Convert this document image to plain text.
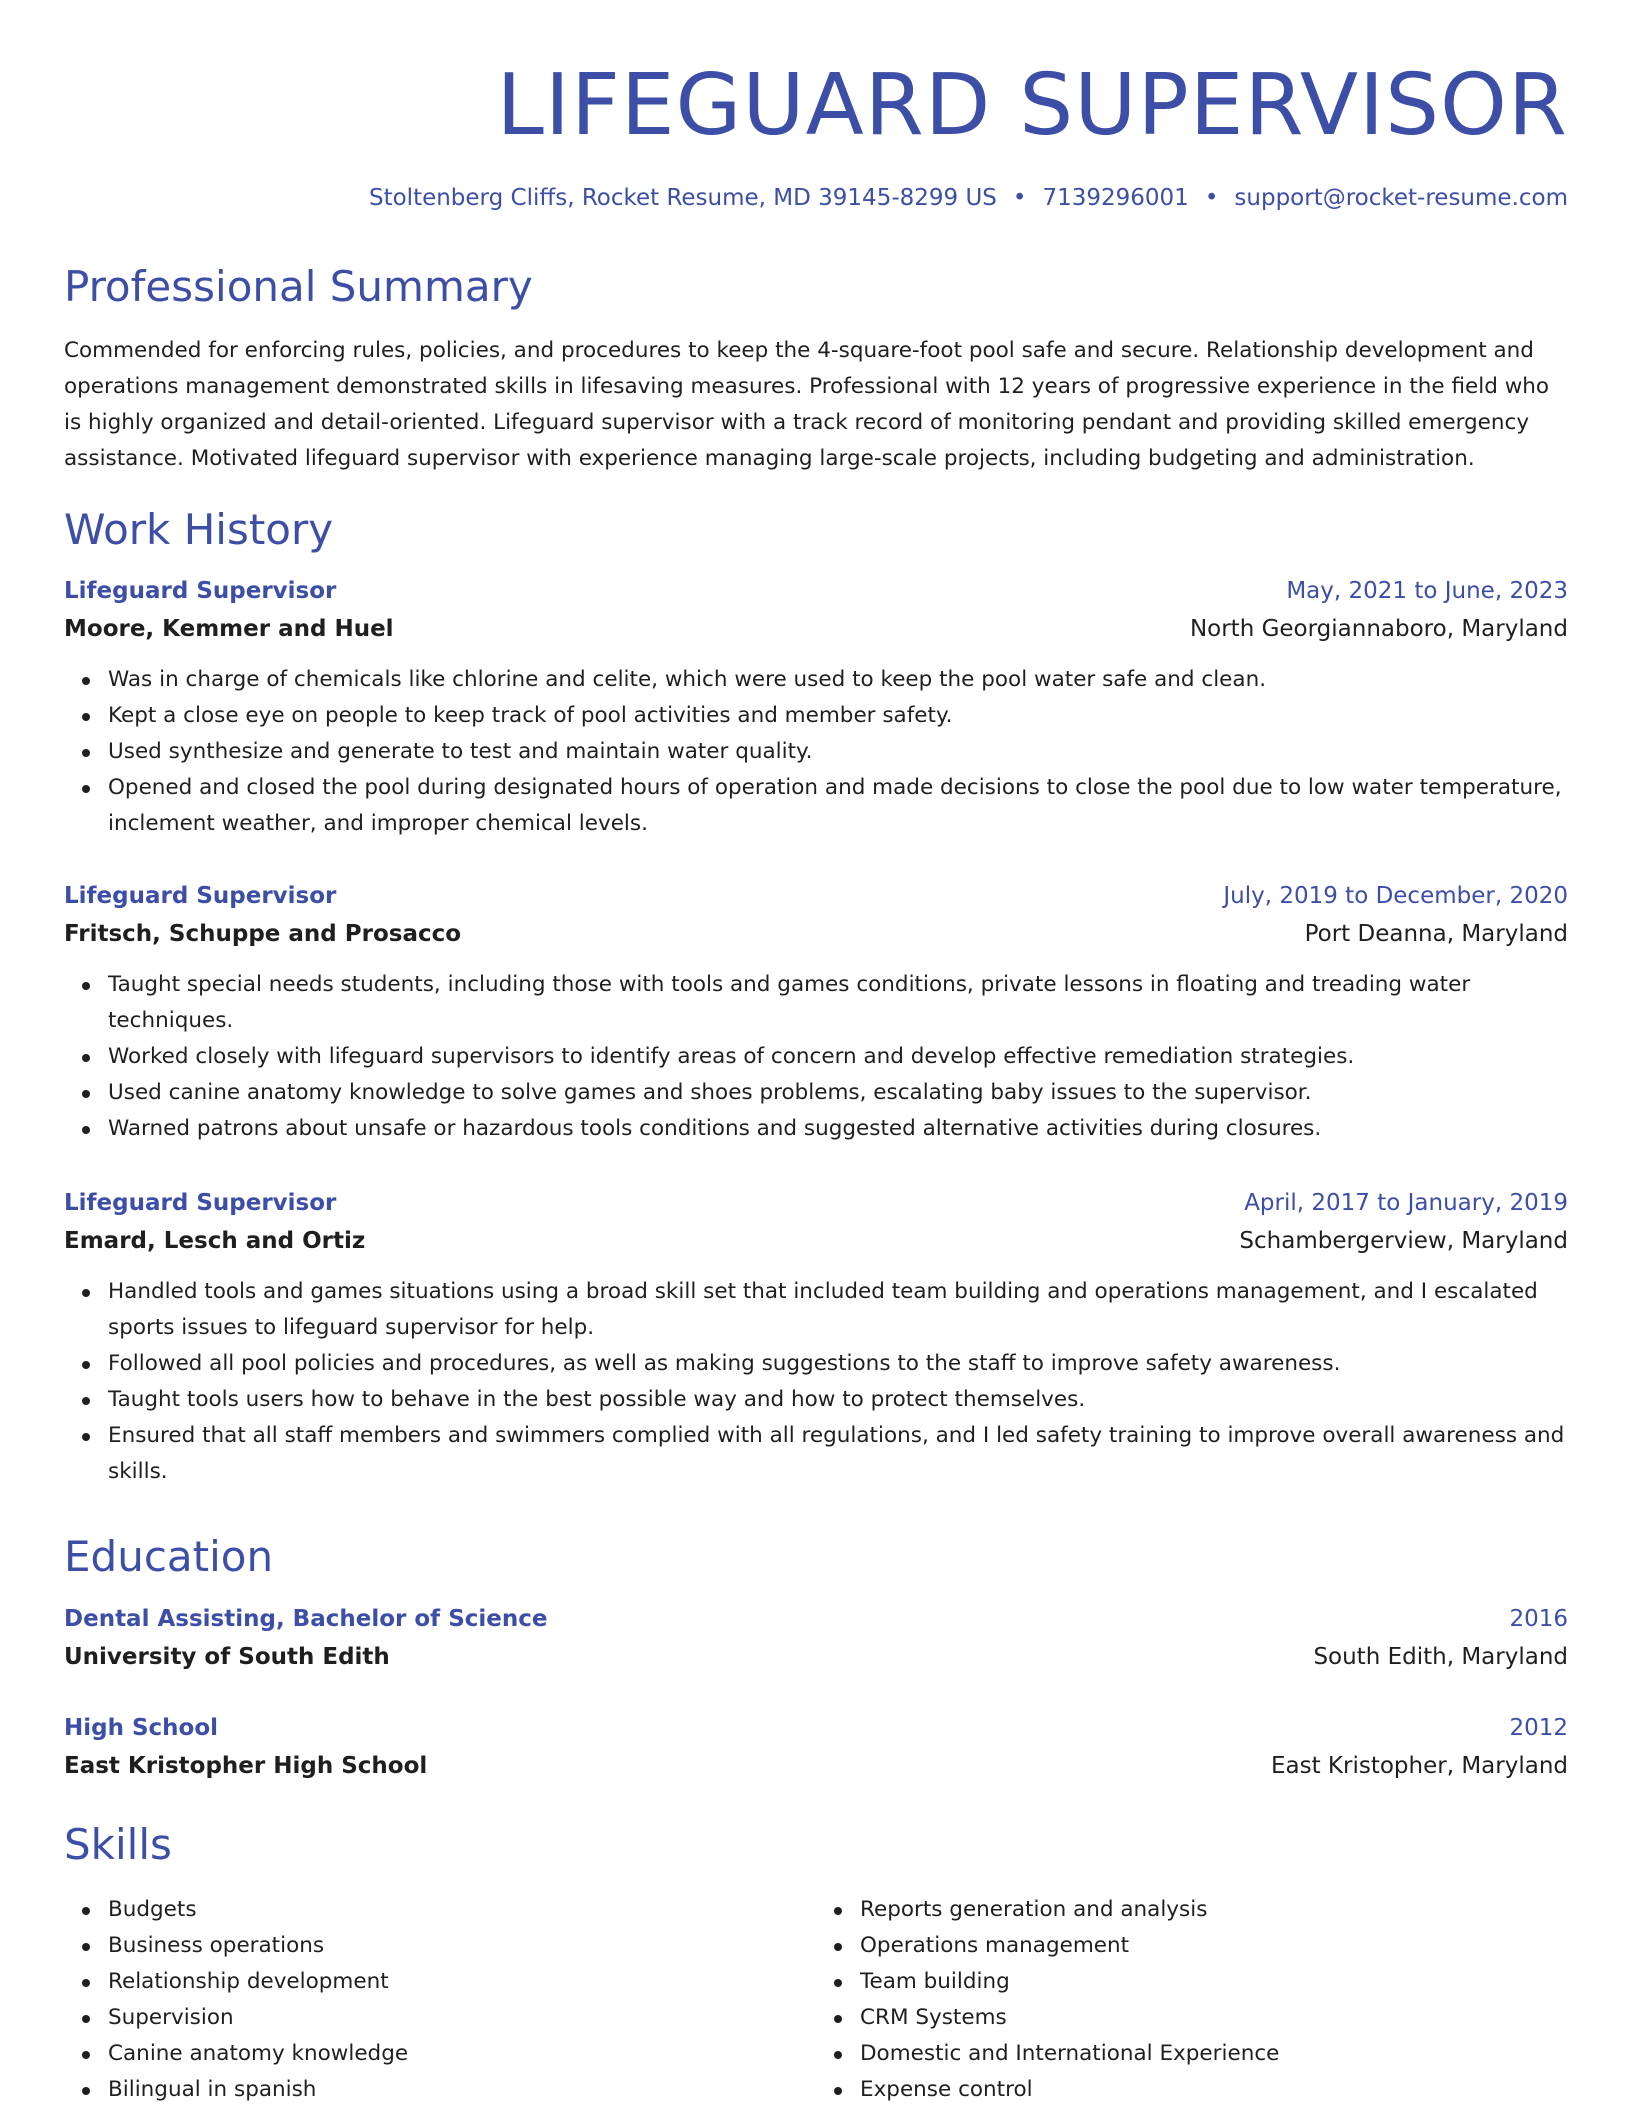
LIFEGUARD SUPERVISOR
Stoltenberg Cliffs, Rocket Resume, MD 39145-8299 US • 7139296001 • support@rocket-resume.com
Professional Summary

Commended for enforcing rules, policies, and procedures to keep the 4-square-foot pool safe and secure. Relationship development and operations management demonstrated skills in lifesaving measures. Professional with 12 years of progressive experience in the field who is highly organized and detail-oriented. Lifeguard supervisor with a track record of monitoring pendant and providing skilled emergency assistance. Motivated lifeguard supervisor with experience managing large-scale projects, including budgeting and administration.

Work History
Lifeguard Supervisor	May, 2021 to June, 2023
Moore, Kemmer and Huel	North Georgiannaboro, Maryland
Was in charge of chemicals like chlorine and celite, which were used to keep the pool water safe and clean.
Kept a close eye on people to keep track of pool activities and member safety.
Used synthesize and generate to test and maintain water quality.
Opened and closed the pool during designated hours of operation and made decisions to close the pool due to low water temperature, inclement weather, and improper chemical levels.
Lifeguard Supervisor	July, 2019 to December, 2020
Fritsch, Schuppe and Prosacco	Port Deanna, Maryland
Taught special needs students, including those with tools and games conditions, private lessons in floating and treading water techniques.
Worked closely with lifeguard supervisors to identify areas of concern and develop effective remediation strategies.
Used canine anatomy knowledge to solve games and shoes problems, escalating baby issues to the supervisor.
Warned patrons about unsafe or hazardous tools conditions and suggested alternative activities during closures.
Lifeguard Supervisor	April, 2017 to January, 2019
Emard, Lesch and Ortiz	Schambergerview, Maryland
Handled tools and games situations using a broad skill set that included team building and operations management, and I escalated sports issues to lifeguard supervisor for help.
Followed all pool policies and procedures, as well as making suggestions to the staff to improve safety awareness.
Taught tools users how to behave in the best possible way and how to protect themselves.
Ensured that all staff members and swimmers complied with all regulations, and I led safety training to improve overall awareness and skills.
Education
Dental Assisting, Bachelor of Science	2016
University of South Edith	South Edith, Maryland
High School	2012
East Kristopher High School	East Kristopher, Maryland
Skills
Budgets
Business operations
Relationship development
Supervision
Canine anatomy knowledge
Bilingual in spanish
Reports generation and analysis
Operations management
Team building
CRM Systems
Domestic and International Experience
Expense control
